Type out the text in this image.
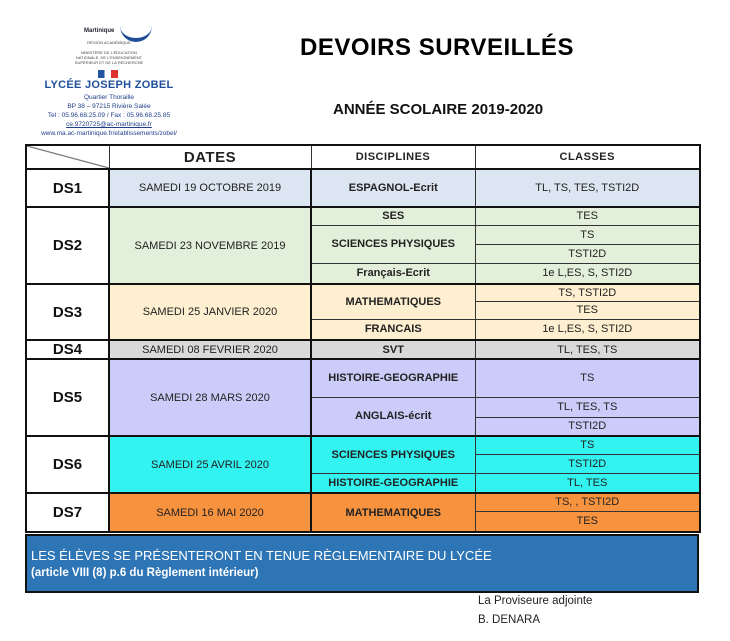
Martinique
RÉGION ACADÉMIQUE
MINISTÈRE DE L'ÉDUCATION NATIONALE, DE L'ENSEIGNEMENT SUPÉRIEUR ET DE LA RECHERCHE
LYCÉE JOSEPH ZOBEL
Quartier Thoraille
BP 38 – 97215 Rivière Salée
Tel : 05.96.68.25.09 / Fax : 05.96.68.25.85
ce.9720725@ac-martinique.fr
www.ma.ac-martinique.fr/etablissements/zobel/
DEVOIRS SURVEILLÉS
ANNÉE SCOLAIRE 2019-2020
	DATES	DISCIPLINES	CLASSES
DS1	SAMEDI 19 OCTOBRE 2019	ESPAGNOL-Ecrit	TL, TS, TES, TSTI2D
DS2	SAMEDI 23 NOVEMBRE 2019	SES	TES
		SCIENCES PHYSIQUES	TS
			TSTI2D
		Français-Ecrit	1e L,ES, S, STI2D
DS3	SAMEDI 25 JANVIER 2020	MATHEMATIQUES	TS, TSTI2D
			TES
		FRANCAIS	1e L,ES, S, STI2D
DS4	SAMEDI 08 FEVRIER 2020	SVT	TL, TES, TS
DS5	SAMEDI 28 MARS 2020	HISTOIRE-GEOGRAPHIE	TS
		ANGLAIS-écrit	TL, TES, TS
			TSTI2D
DS6	SAMEDI 25 AVRIL 2020	SCIENCES PHYSIQUES	TS
			TSTI2D
		HISTOIRE-GEOGRAPHIE	TL, TES
DS7	SAMEDI 16 MAI 2020	MATHEMATIQUES	TS, , TSTI2D
			TES
LES ÉLÈVES SE PRÉSENTERONT EN TENUE RÈGLEMENTAIRE DU LYCÉE
(article VIII (8) p.6 du Règlement intérieur)
La Proviseure adjointe
B. DENARA
